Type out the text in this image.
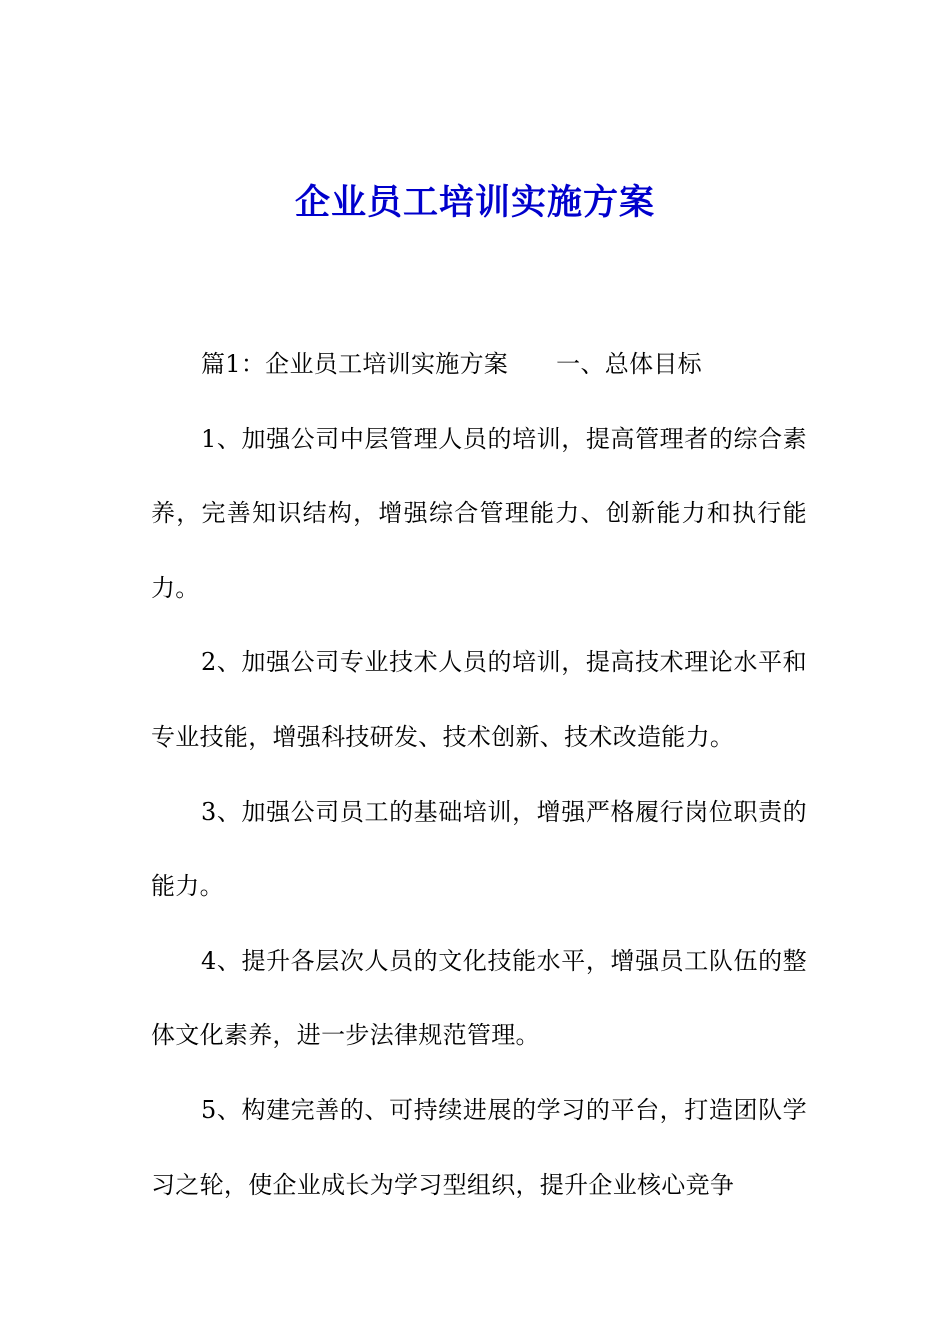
企业员工培训实施方案

篇1：企业员工培训实施方案 一、总体目标

1、加强公司中层管理人员的培训，提高管理者的综合素养，完善知识结构，增强综合管理能力、创新能力和执行能力。

2、加强公司专业技术人员的培训，提高技术理论水平和专业技能，增强科技研发、技术创新、技术改造能力。

3、加强公司员工的基础培训，增强严格履行岗位职责的能力。

4、提升各层次人员的文化技能水平，增强员工队伍的整体文化素养，进一步法律规范管理。

5、构建完善的、可持续进展的学习的平台，打造团队学习之轮，使企业成长为学习型组织，提升企业核心竞争
